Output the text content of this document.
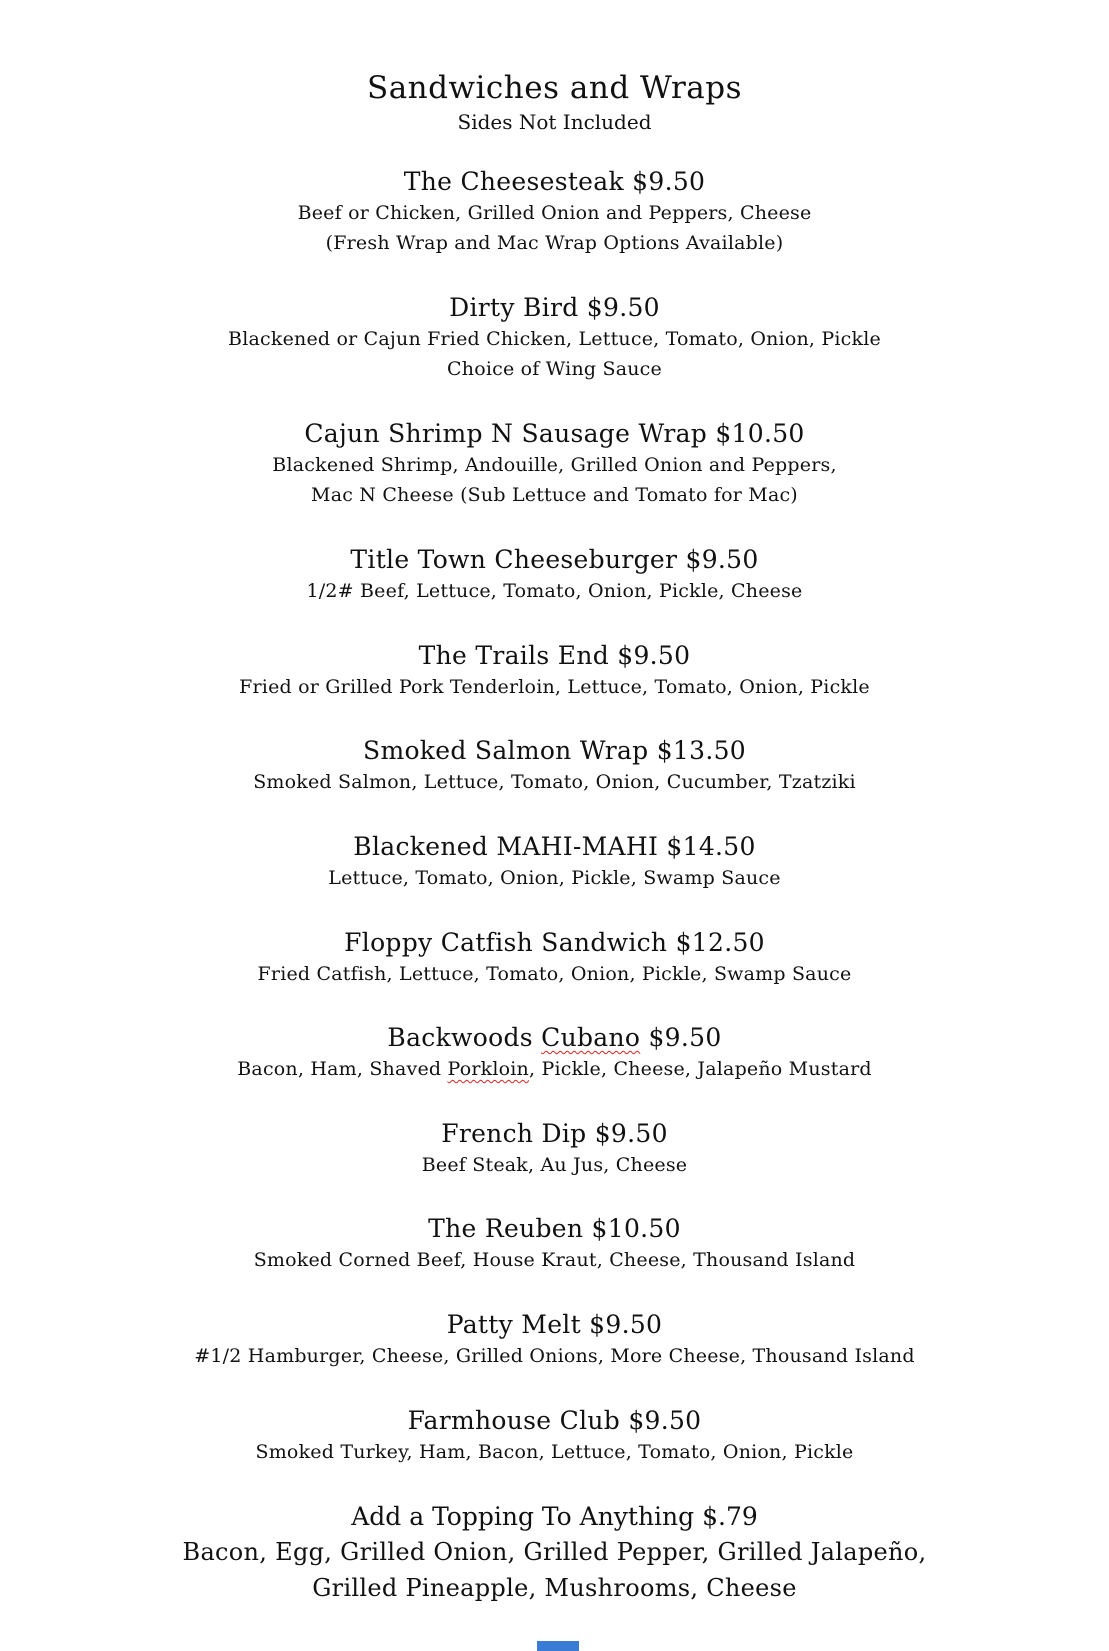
Sandwiches and Wraps
Sides Not Included
The Cheesesteak $9.50
Beef or Chicken, Grilled Onion and Peppers, Cheese
(Fresh Wrap and Mac Wrap Options Available)
Dirty Bird $9.50
Blackened or Cajun Fried Chicken, Lettuce, Tomato, Onion, Pickle
Choice of Wing Sauce
Cajun Shrimp N Sausage Wrap $10.50
Blackened Shrimp, Andouille, Grilled Onion and Peppers,
Mac N Cheese (Sub Lettuce and Tomato for Mac)
Title Town Cheeseburger $9.50
1/2# Beef, Lettuce, Tomato, Onion, Pickle, Cheese
The Trails End $9.50
Fried or Grilled Pork Tenderloin, Lettuce, Tomato, Onion, Pickle
Smoked Salmon Wrap $13.50
Smoked Salmon, Lettuce, Tomato, Onion, Cucumber, Tzatziki
Blackened MAHI-MAHI $14.50
Lettuce, Tomato, Onion, Pickle, Swamp Sauce
Floppy Catfish Sandwich $12.50
Fried Catfish, Lettuce, Tomato, Onion, Pickle, Swamp Sauce
Backwoods Cubano $9.50
Bacon, Ham, Shaved Porkloin, Pickle, Cheese, Jalapeño Mustard
French Dip $9.50
Beef Steak, Au Jus, Cheese
The Reuben $10.50
Smoked Corned Beef, House Kraut, Cheese, Thousand Island
Patty Melt $9.50
#1/2 Hamburger, Cheese, Grilled Onions, More Cheese, Thousand Island
Farmhouse Club $9.50
Smoked Turkey, Ham, Bacon, Lettuce, Tomato, Onion, Pickle
Add a Topping To Anything $.79
Bacon, Egg, Grilled Onion, Grilled Pepper, Grilled Jalapeño,
Grilled Pineapple, Mushrooms, Cheese
